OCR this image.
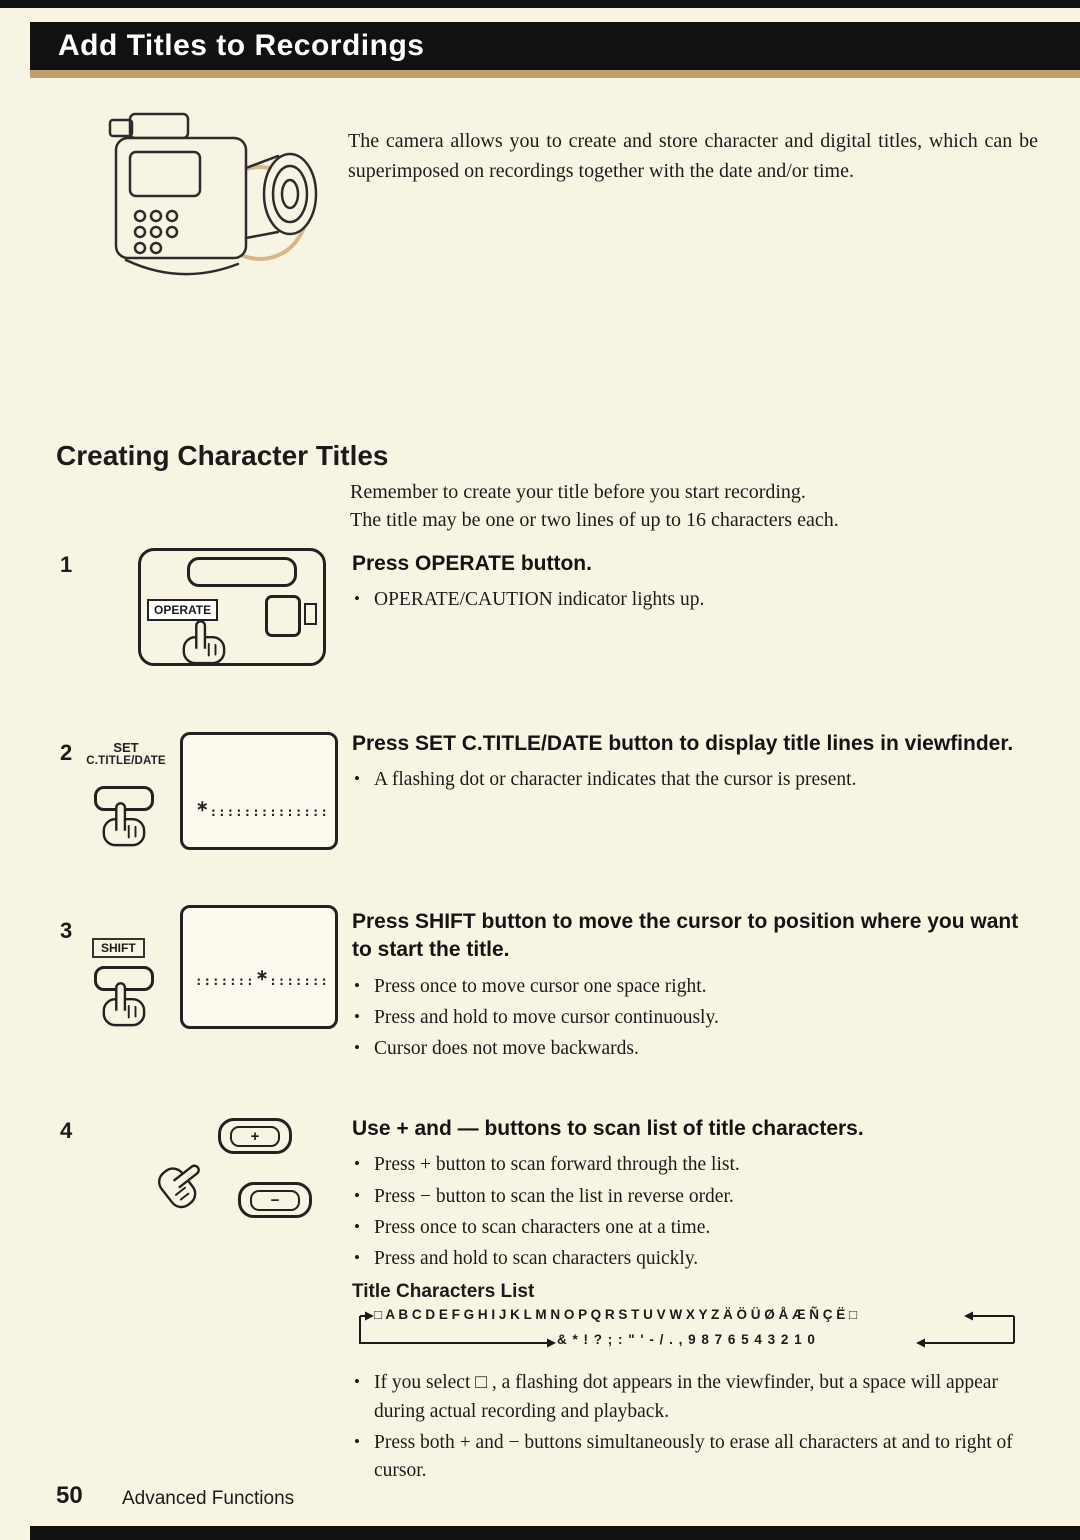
Add Titles to Recordings

The camera allows you to create and store character and digital titles, which can be superimposed on recordings together with the date and/or time.

Creating Character Titles
Remember to create your title before you start recording.
The title may be one or two lines of up to 16 characters each.
1
OPERATE
Press OPERATE button.
• OPERATE/CAUTION indicator lights up.
2	SET
C.TITLE/DATE
∗::::::::::::::
Press SET C.TITLE/DATE button to display title lines in viewfinder.
• A flashing dot or character indicates that the cursor is present.
3
SHIFT
:::::::∗:::::::
Press SHIFT button to move the cursor to position where you want to start the title.
• Press once to move cursor one space right.
• Press and hold to move cursor continuously.
• Cursor does not move backwards.
4	+
−
Use + and — buttons to scan list of title characters.
• Press + button to scan forward through the list.
• Press − button to scan the list in reverse order.
• Press once to scan characters one at a time.
• Press and hold to scan characters quickly.
Title Characters List
□ A B C D E F G H I J K L M N O P Q R S T U V W X Y Z Ä Ö Ü Ø Å Æ Ñ Ç Ë □
& * ! ? ; : " ' - / . , 9 8 7 6 5 4 3 2 1 0
• If you select □ , a flashing dot appears in the viewfinder, but a space will appear during actual recording and playback.
• Press both + and − buttons simultaneously to erase all characters at and to right of cursor.
50 Advanced Functions
